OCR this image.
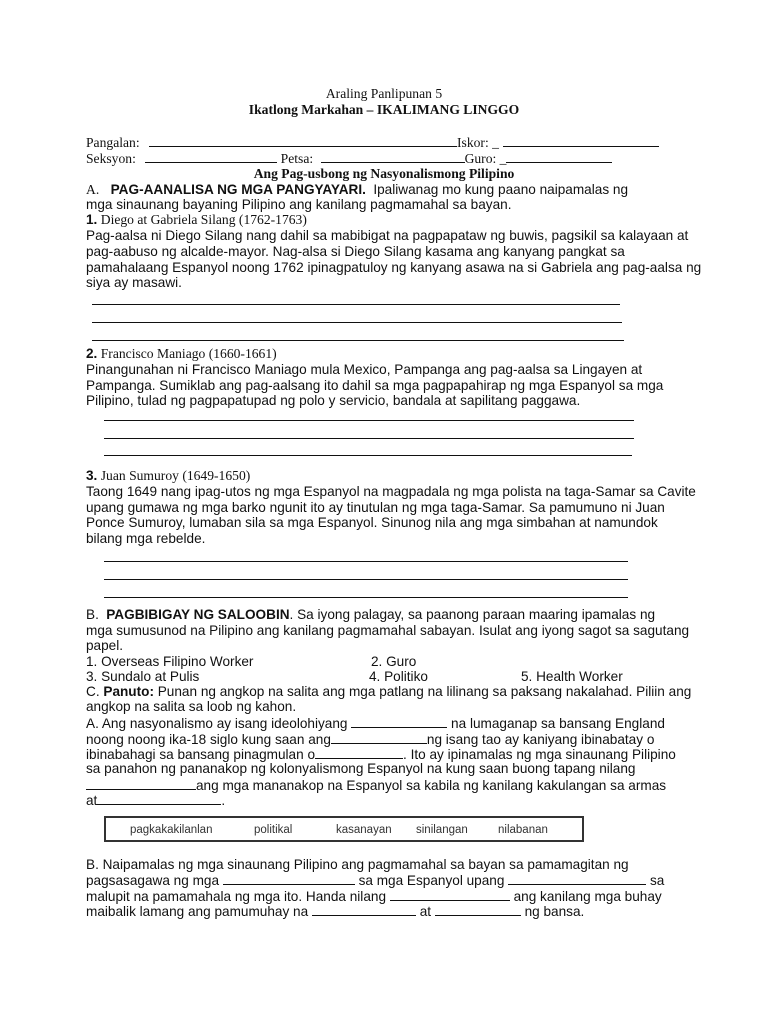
Araling Panlipunan 5
Ikatlong Markahan – IKALIMANG LINGGO
Pangalan:	Iskor: _
Seksyon:	Petsa:	Guro: _
Ang Pag-usbong ng Nasyonalismong Pilipino
A. PAG-AANALISA NG MGA PANGYAYARI. Ipaliwanag mo kung paano naipamalas ng
mga sinaunang bayaning Pilipino ang kanilang pagmamahal sa bayan.
1. Diego at Gabriela Silang (1762-1763)
Pag-aalsa ni Diego Silang nang dahil sa mabibigat na pagpapataw ng buwis, pagsikil sa kalayaan at
pag-aabuso ng alcalde-mayor. Nag-alsa si Diego Silang kasama ang kanyang pangkat sa
pamahalaang Espanyol noong 1762 ipinagpatuloy ng kanyang asawa na si Gabriela ang pag-aalsa ng
siya ay masawi.
2. Francisco Maniago (1660-1661)
Pinangunahan ni Francisco Maniago mula Mexico, Pampanga ang pag-aalsa sa Lingayen at
Pampanga. Sumiklab ang pag-aalsang ito dahil sa mga pagpapahirap ng mga Espanyol sa mga
Pilipino, tulad ng pagpapatupad ng polo y servicio, bandala at sapilitang paggawa.
3. Juan Sumuroy (1649-1650)
Taong 1649 nang ipag-utos ng mga Espanyol na magpadala ng mga polista na taga-Samar sa Cavite
upang gumawa ng mga barko ngunit ito ay tinutulan ng mga taga-Samar. Sa pamumuno ni Juan
Ponce Sumuroy, lumaban sila sa mga Espanyol. Sinunog nila ang mga simbahan at namundok
bilang mga rebelde.
B. PAGBIBIGAY NG SALOOBIN. Sa iyong palagay, sa paanong paraan maaring ipamalas ng
mga sumusunod na Pilipino ang kanilang pagmamahal sabayan. Isulat ang iyong sagot sa sagutang
papel.
1. Overseas Filipino Worker	2. Guro
3. Sundalo at Pulis	4. Politiko	5. Health Worker
C. Panuto: Punan ng angkop na salita ang mga patlang na lilinang sa paksang nakalahad. Piliin ang
angkop na salita sa loob ng kahon.
A. Ang nasyonalismo ay isang ideolohiyang	na lumaganap sa bansang England
noong noong ika-18 siglo kung saan ang	ng isang tao ay kaniyang ibinabatay o
ibinabahagi sa bansang pinagmulan o	. Ito ay ipinamalas ng mga sinaunang Pilipino
sa panahon ng pananakop ng kolonyalismong Espanyol na kung saan buong tapang nilang
ang mga mananakop na Espanyol sa kabila ng kanilang kakulangan sa armas
at	.
pagkakakilanlan	politikal	kasanayan sinilangan	nilabanan
B. Naipamalas ng mga sinaunang Pilipino ang pagmamahal sa bayan sa pamamagitan ng
pagsasagawa ng mga	sa mga Espanyol upang	sa
malupit na pamamahala ng mga ito. Handa nilang	ang kanilang mga buhay
maibalik lamang ang pamumuhay na	at	ng bansa.
